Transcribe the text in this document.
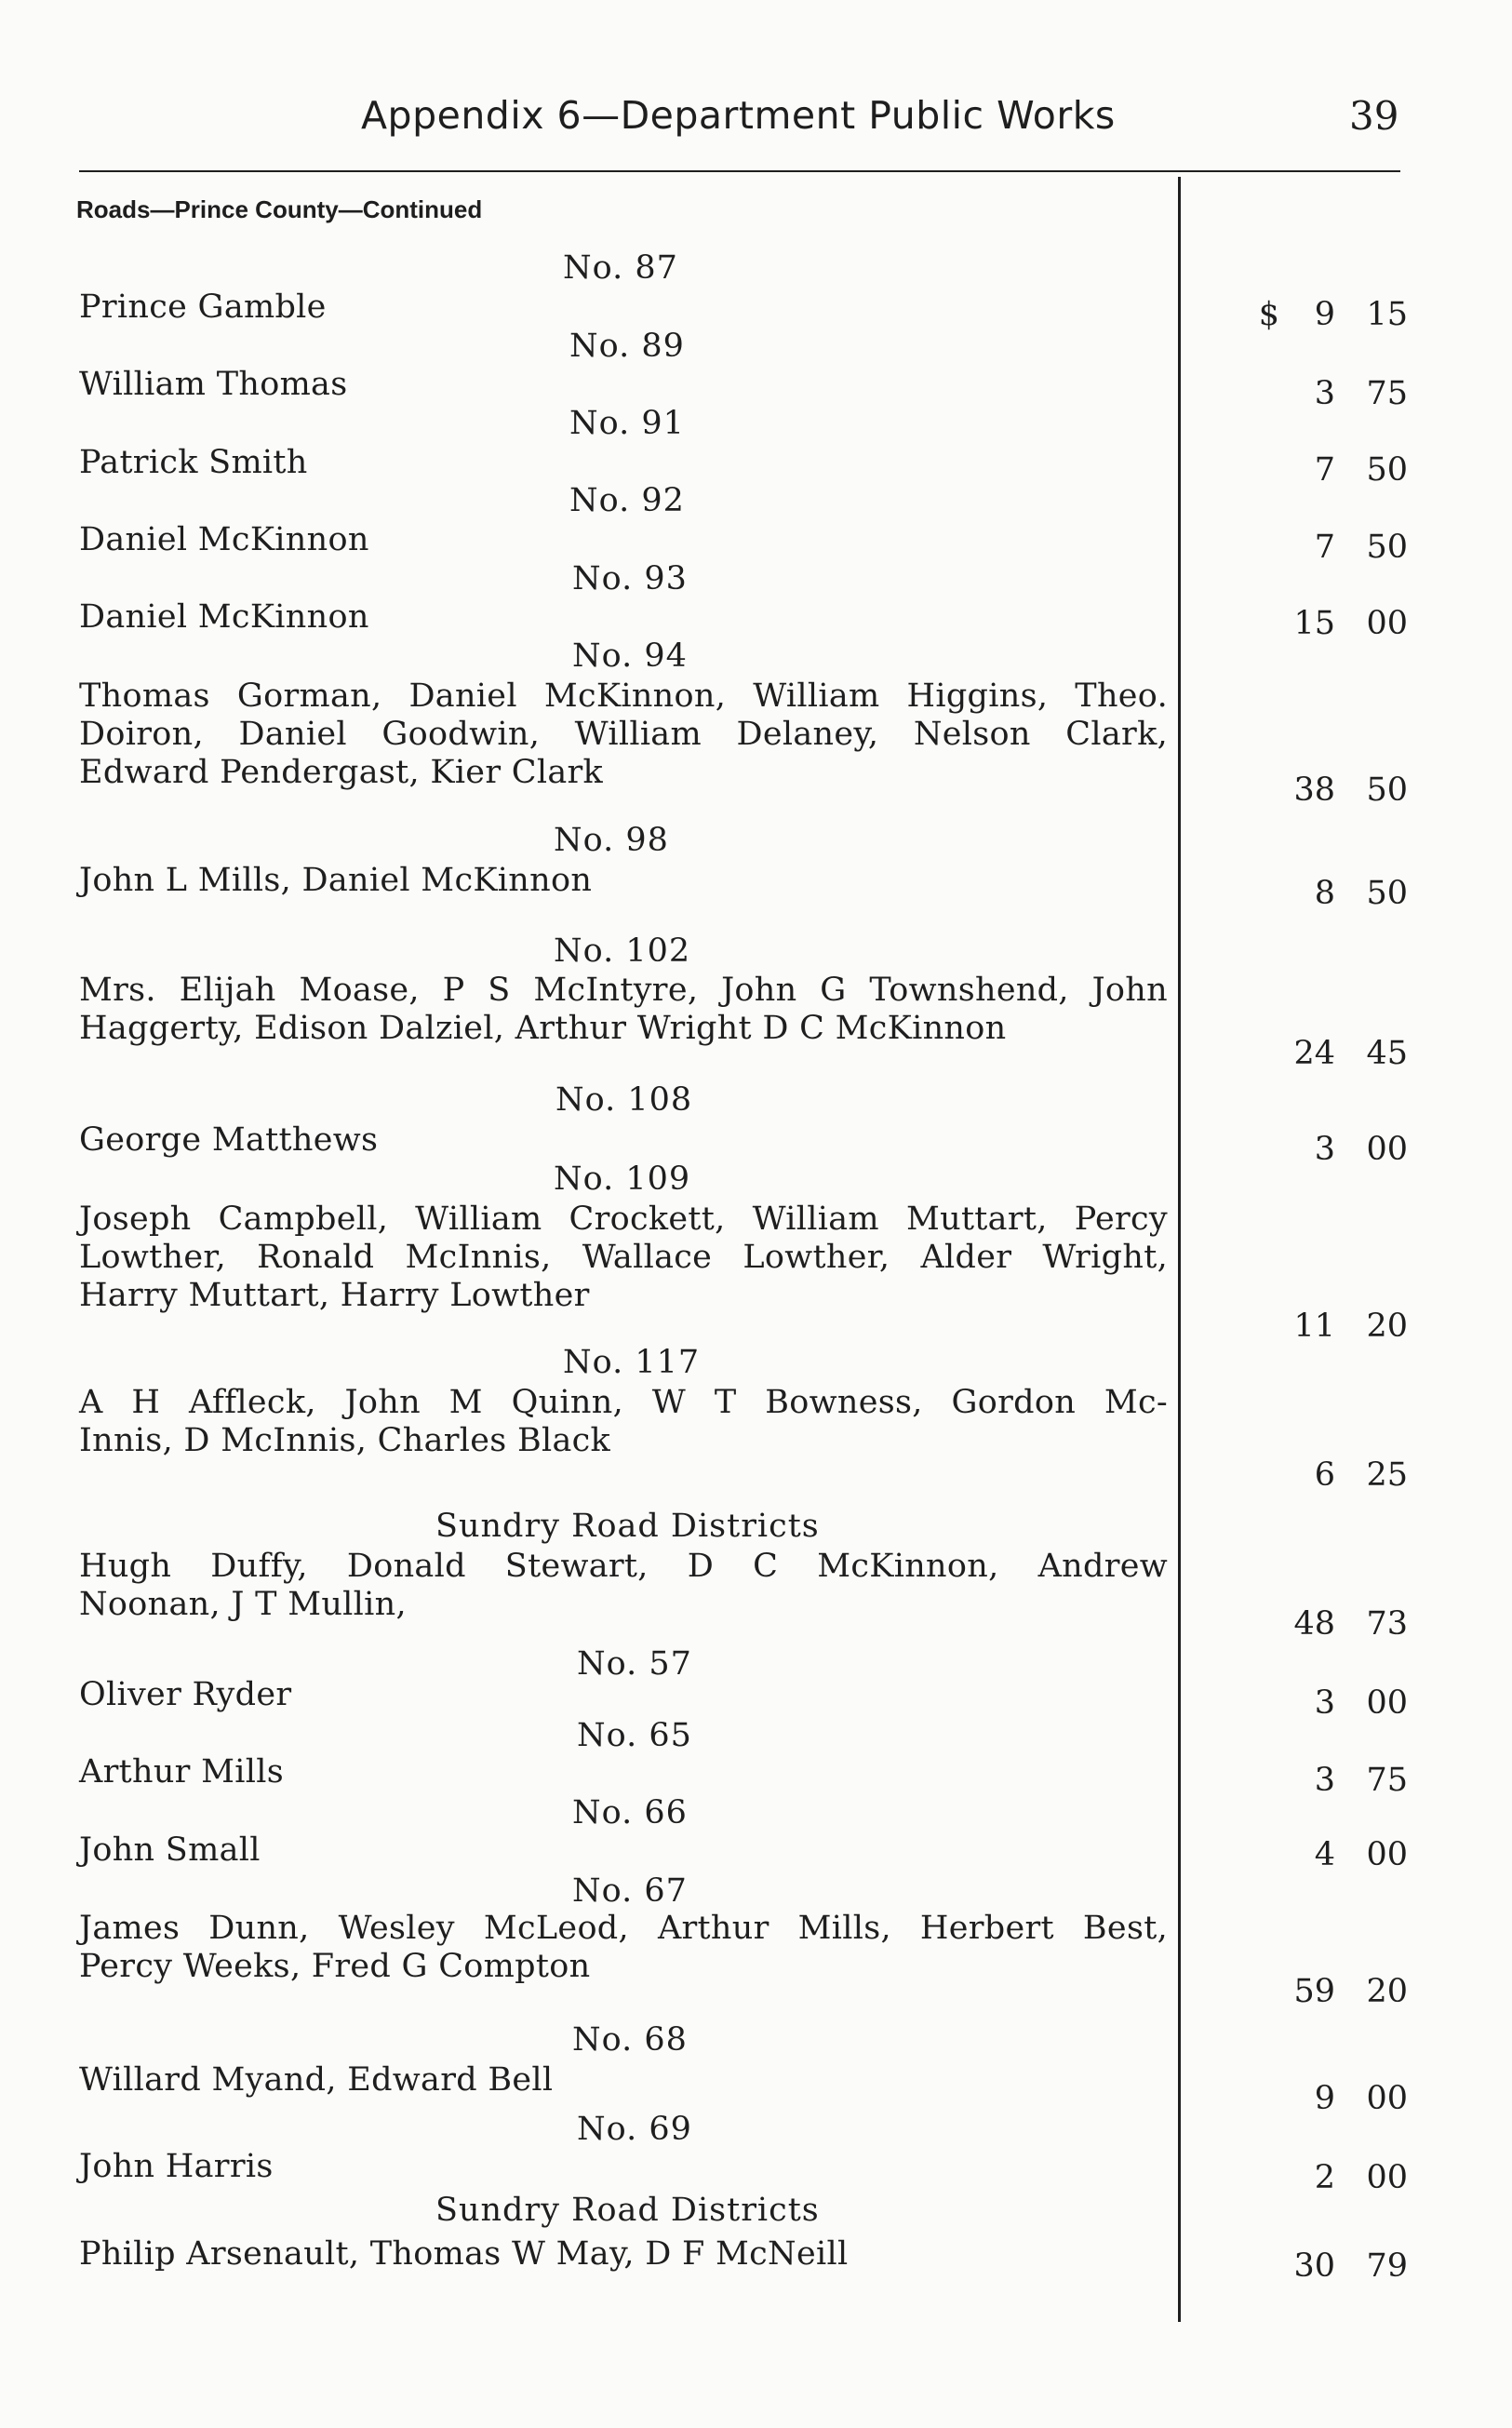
Appendix 6—Department Public Works	39
Roads—Prince County—Continued
No. 87
Prince Gamble	$ 9 15
No. 89
William Thomas	3 75
No. 91
Patrick Smith	7 50
No. 92
Daniel McKinnon	7 50
No. 93
Daniel McKinnon	15 00
No. 94
Thomas Gorman, Daniel McKinnon, William Higgins, Theo.
Doiron, Daniel Goodwin, William Delaney, Nelson Clark,
Edward Pendergast, Kier Clark	38 50
No. 98
John L Mills, Daniel McKinnon	8 50
No. 102
Mrs. Elijah Moase, P S McIntyre, John G Townshend, John
Haggerty, Edison Dalziel, Arthur Wright D C McKinnon
24 45
No. 108
George Matthews	3 00
No. 109
Joseph Campbell, William Crockett, William Muttart, Percy
Lowther, Ronald McInnis, Wallace Lowther, Alder Wright,
Harry Muttart, Harry Lowther
11 20
No. 117
A H Affleck, John M Quinn, W T Bowness, Gordon Mc-
Innis, D McInnis, Charles Black
6 25
Sundry Road Districts
Hugh Duffy, Donald Stewart, D C McKinnon, Andrew
Noonan, J T Mullin,
48 73
No. 57
Oliver Ryder	3 00
No. 65
Arthur Mills	3 75
No. 66
John Small	4 00
No. 67
James Dunn, Wesley McLeod, Arthur Mills, Herbert Best,
Percy Weeks, Fred G Compton
59 20
No. 68
Willard Myand, Edward Bell	9 00
No. 69
John Harris	2 00
Sundry Road Districts
Philip Arsenault, Thomas W May, D F McNeill	30 79
